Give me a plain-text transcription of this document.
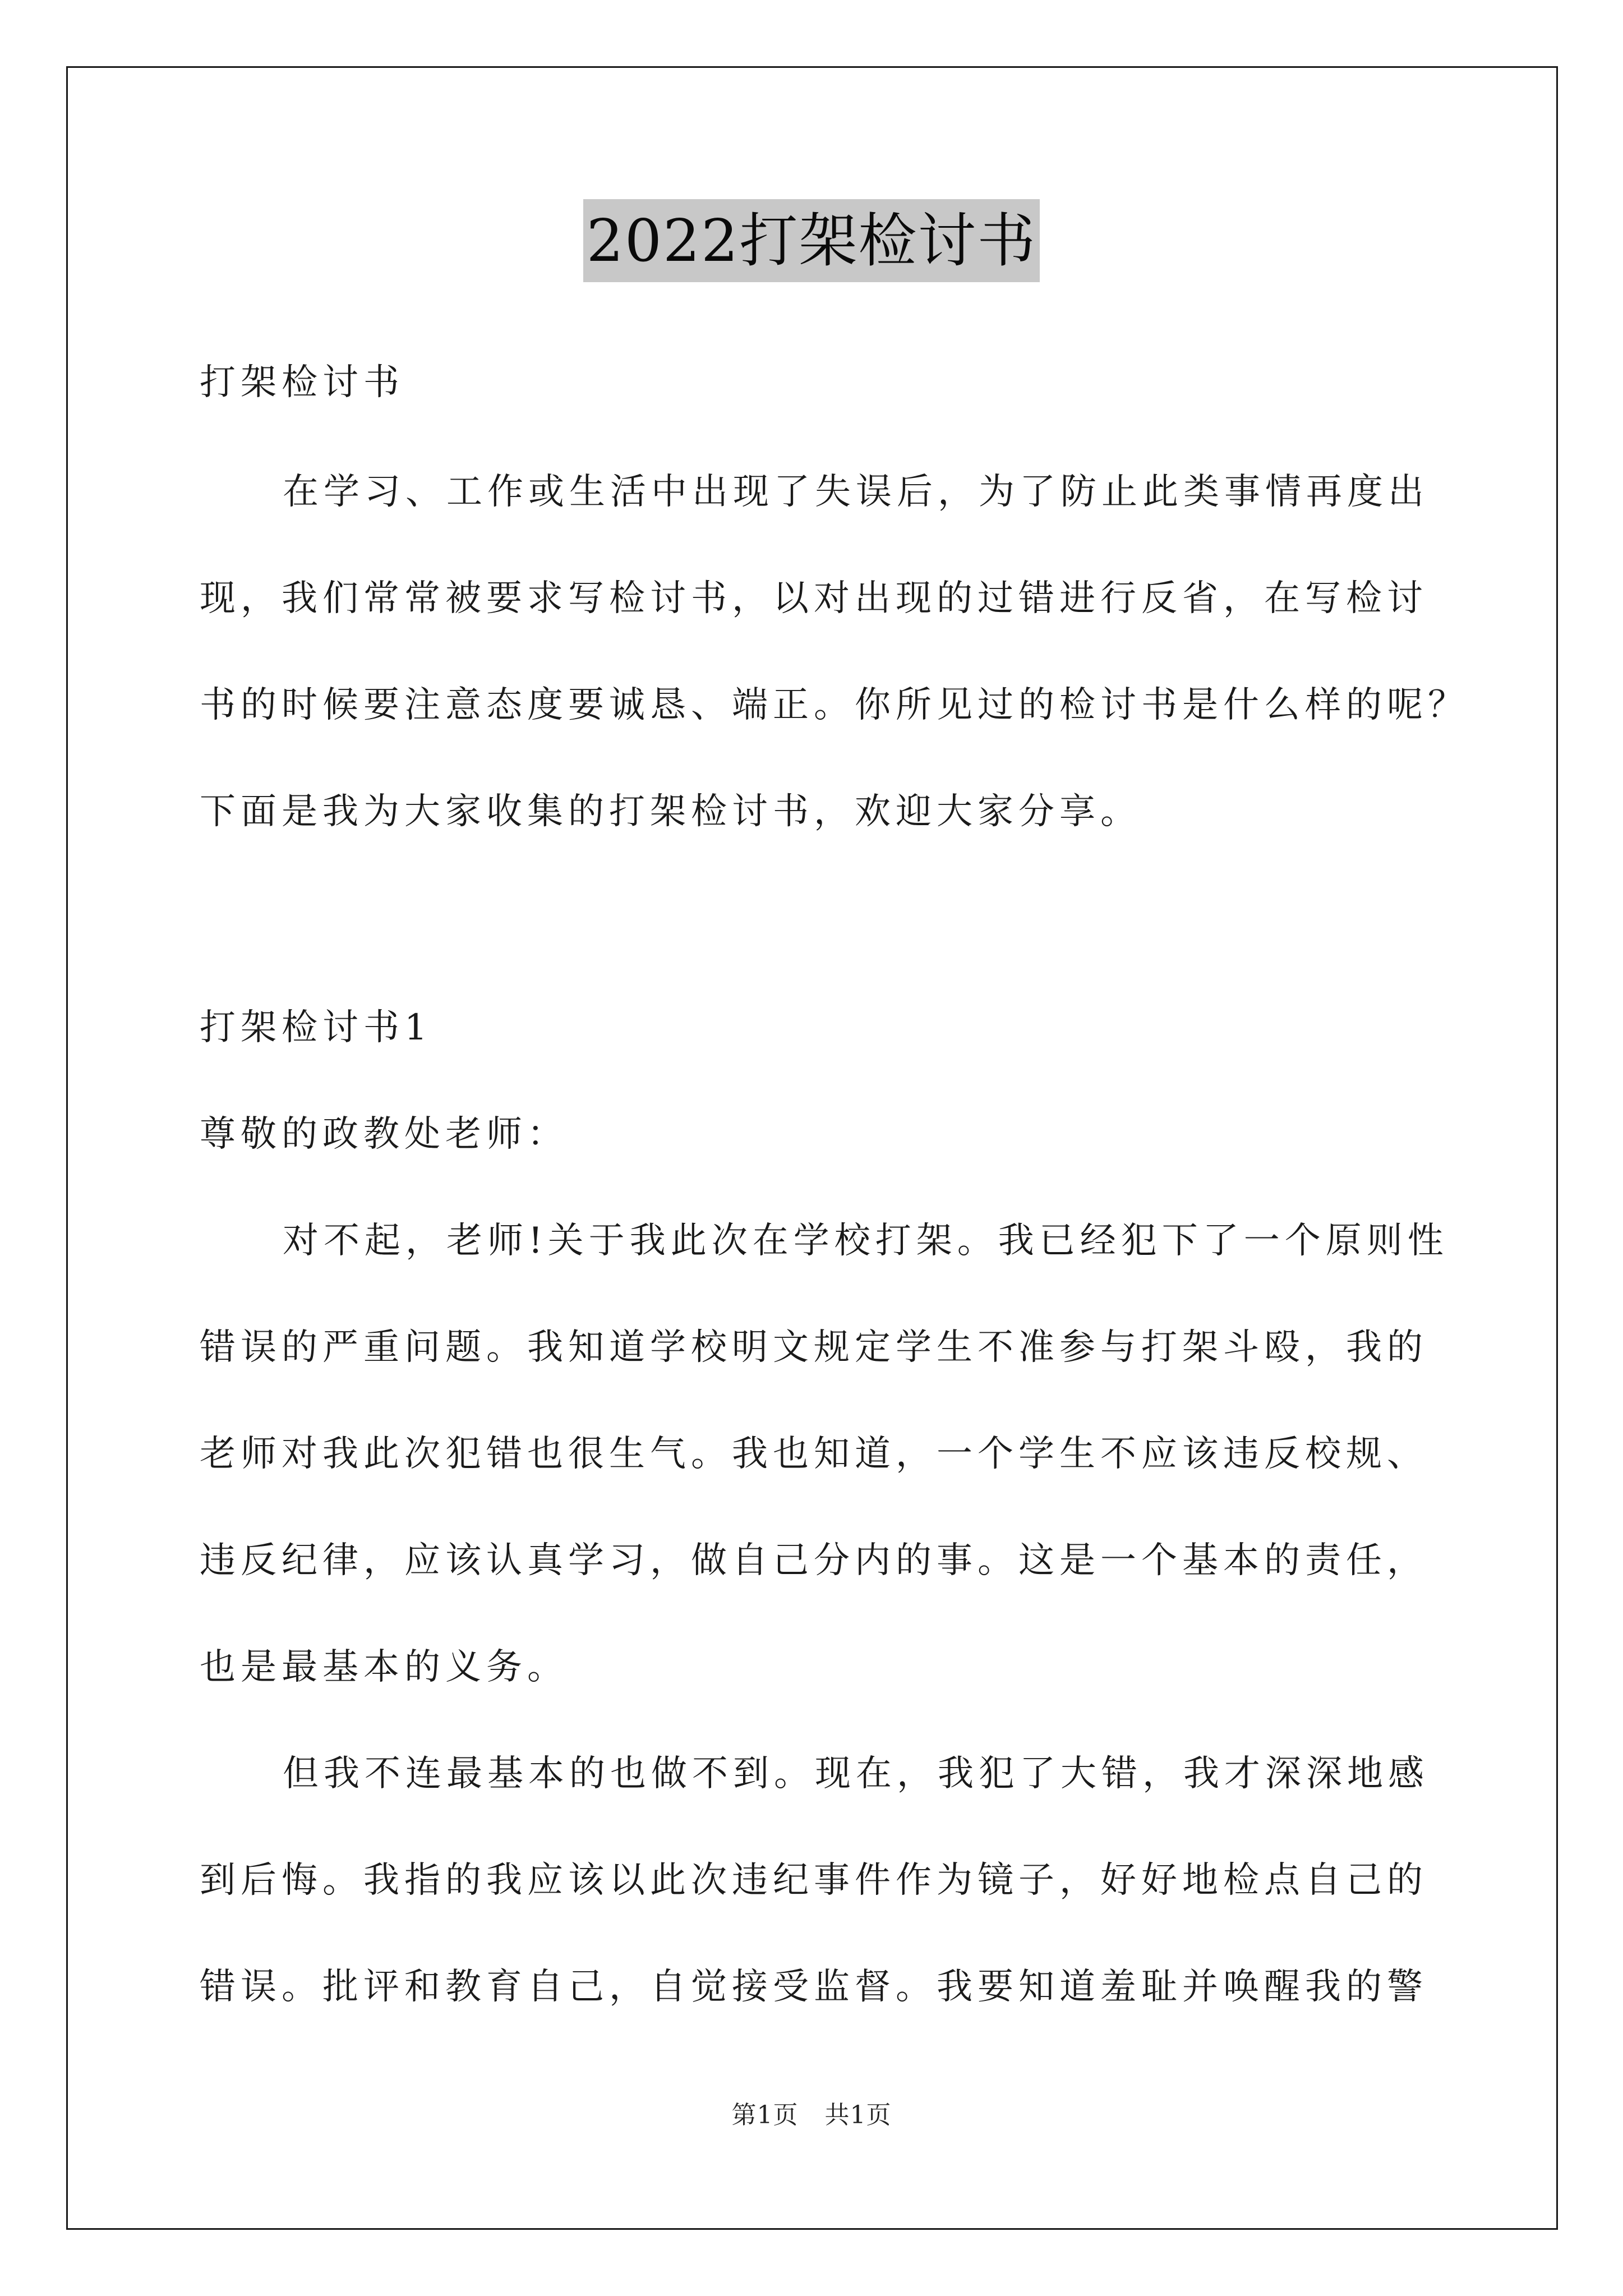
2022打架检讨书
打架检讨书
在学习、工作或生活中出现了失误后，为了防止此类事情再度出
现，我们常常被要求写检讨书，以对出现的过错进行反省，在写检讨
书的时候要注意态度要诚恳、端正。你所见过的检讨书是什么样的呢？
下面是我为大家收集的打架检讨书，欢迎大家分享。
打架检讨书1
尊敬的政教处老师：
对不起，老师!关于我此次在学校打架。我已经犯下了一个原则性
错误的严重问题。我知道学校明文规定学生不准参与打架斗殴，我的
老师对我此次犯错也很生气。我也知道，一个学生不应该违反校规、
违反纪律，应该认真学习，做自己分内的事。这是一个基本的责任，
也是最基本的义务。
但我不连最基本的也做不到。现在，我犯了大错，我才深深地感
到后悔。我指的我应该以此次违纪事件作为镜子，好好地检点自己的
错误。批评和教育自己，自觉接受监督。我要知道羞耻并唤醒我的警
第1页 共1页
